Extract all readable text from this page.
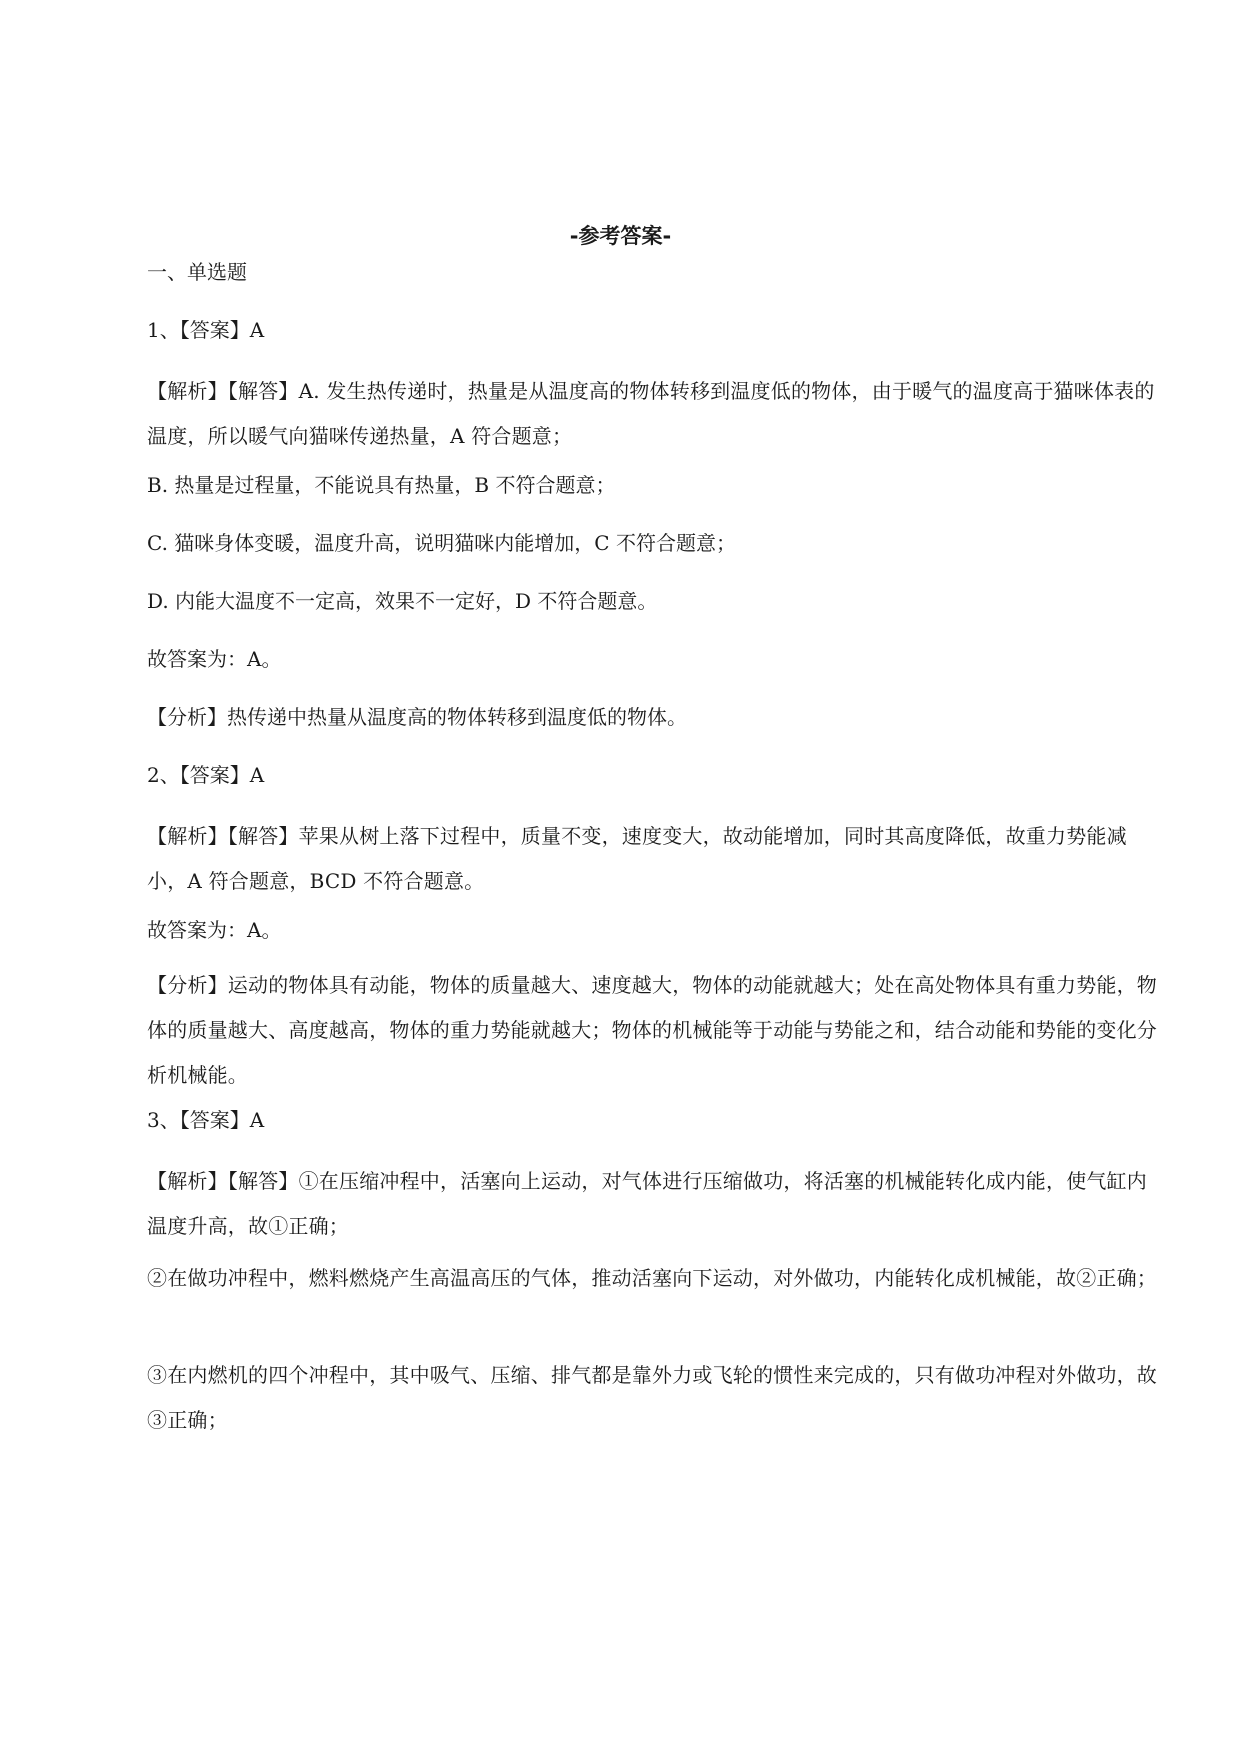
-参考答案-
一、单选题
1、【答案】A
【解析】【解答】A. 发生热传递时，热量是从温度高的物体转移到温度低的物体，由于暖气的温度高于猫咪体表的温度，所以暖气向猫咪传递热量，A 符合题意；
B. 热量是过程量，不能说具有热量，B 不符合题意；
C. 猫咪身体变暖，温度升高，说明猫咪内能增加，C 不符合题意；
D. 内能大温度不一定高，效果不一定好，D 不符合题意。
故答案为：A。
【分析】热传递中热量从温度高的物体转移到温度低的物体。
2、【答案】A
【解析】【解答】苹果从树上落下过程中，质量不变，速度变大，故动能增加，同时其高度降低，故重力势能减小，A 符合题意，BCD 不符合题意。
故答案为：A。
【分析】运动的物体具有动能，物体的质量越大、速度越大，物体的动能就越大；处在高处物体具有重力势能，物体的质量越大、高度越高，物体的重力势能就越大；物体的机械能等于动能与势能之和，结合动能和势能的变化分析机械能。
3、【答案】A
【解析】【解答】①在压缩冲程中，活塞向上运动，对气体进行压缩做功，将活塞的机械能转化成内能，使气缸内温度升高，故①正确；
②在做功冲程中，燃料燃烧产生高温高压的气体，推动活塞向下运动，对外做功，内能转化成机械能，故②正确；
③在内燃机的四个冲程中，其中吸气、压缩、排气都是靠外力或飞轮的惯性来完成的，只有做功冲程对外做功，故③正确；
